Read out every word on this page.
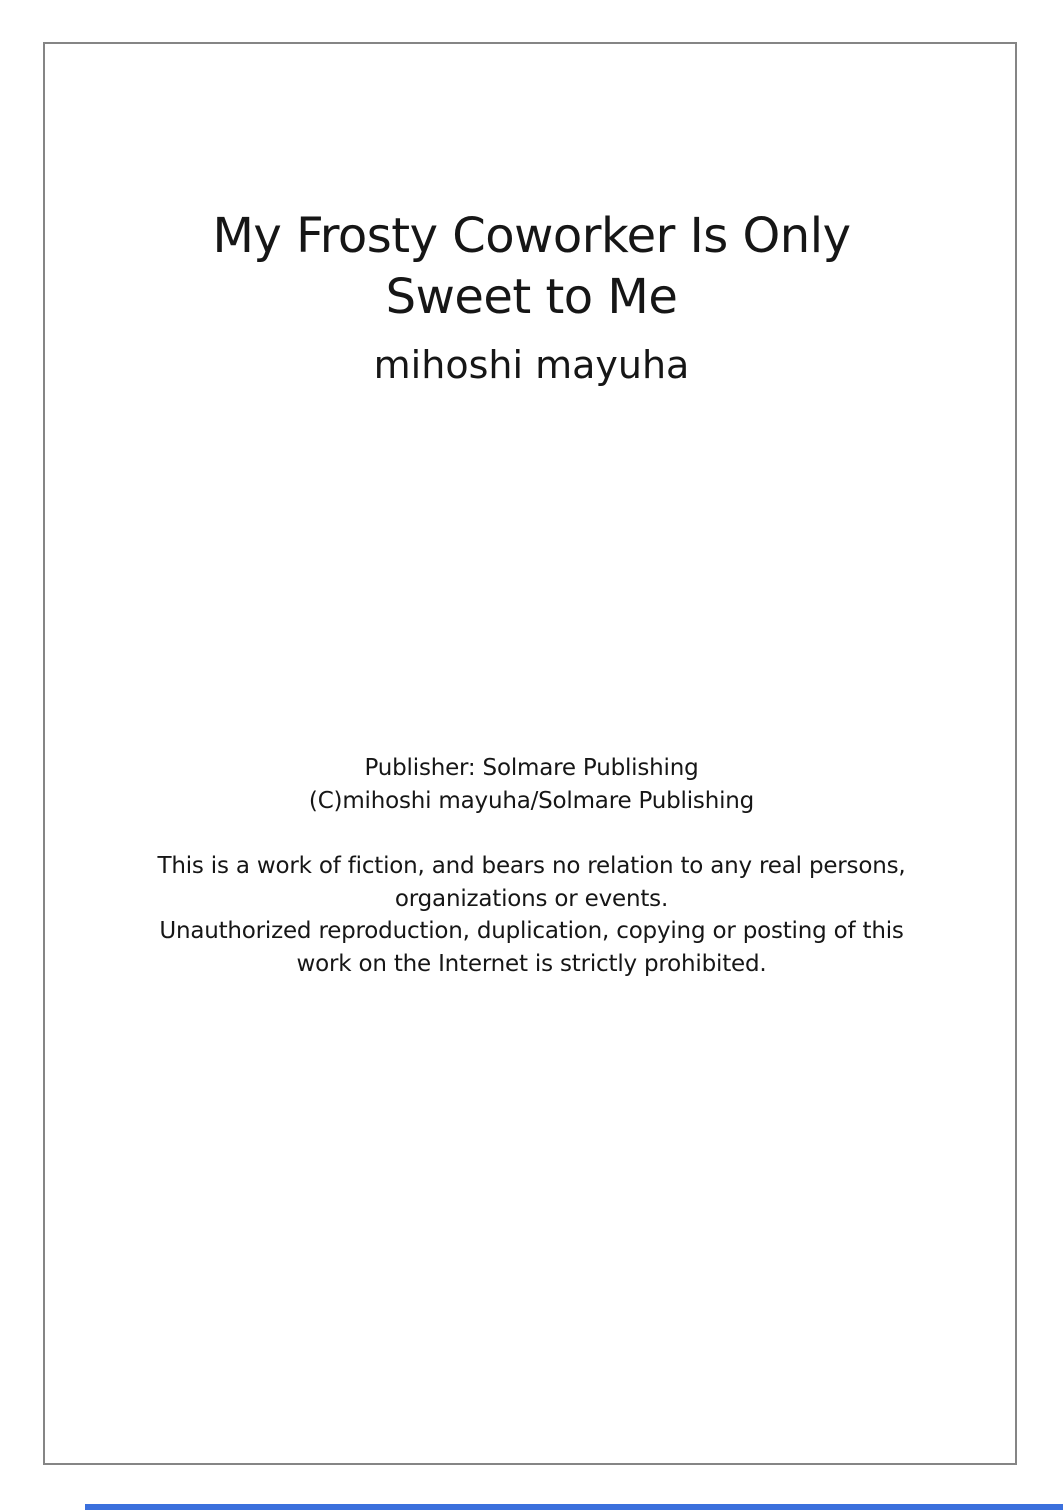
My Frosty Coworker Is Only
Sweet to Me
mihoshi mayuha
Publisher: Solmare Publishing
(C)mihoshi mayuha/Solmare Publishing
This is a work of fiction, and bears no relation to any real persons,
organizations or events.
Unauthorized reproduction, duplication, copying or posting of this
work on the Internet is strictly prohibited.
